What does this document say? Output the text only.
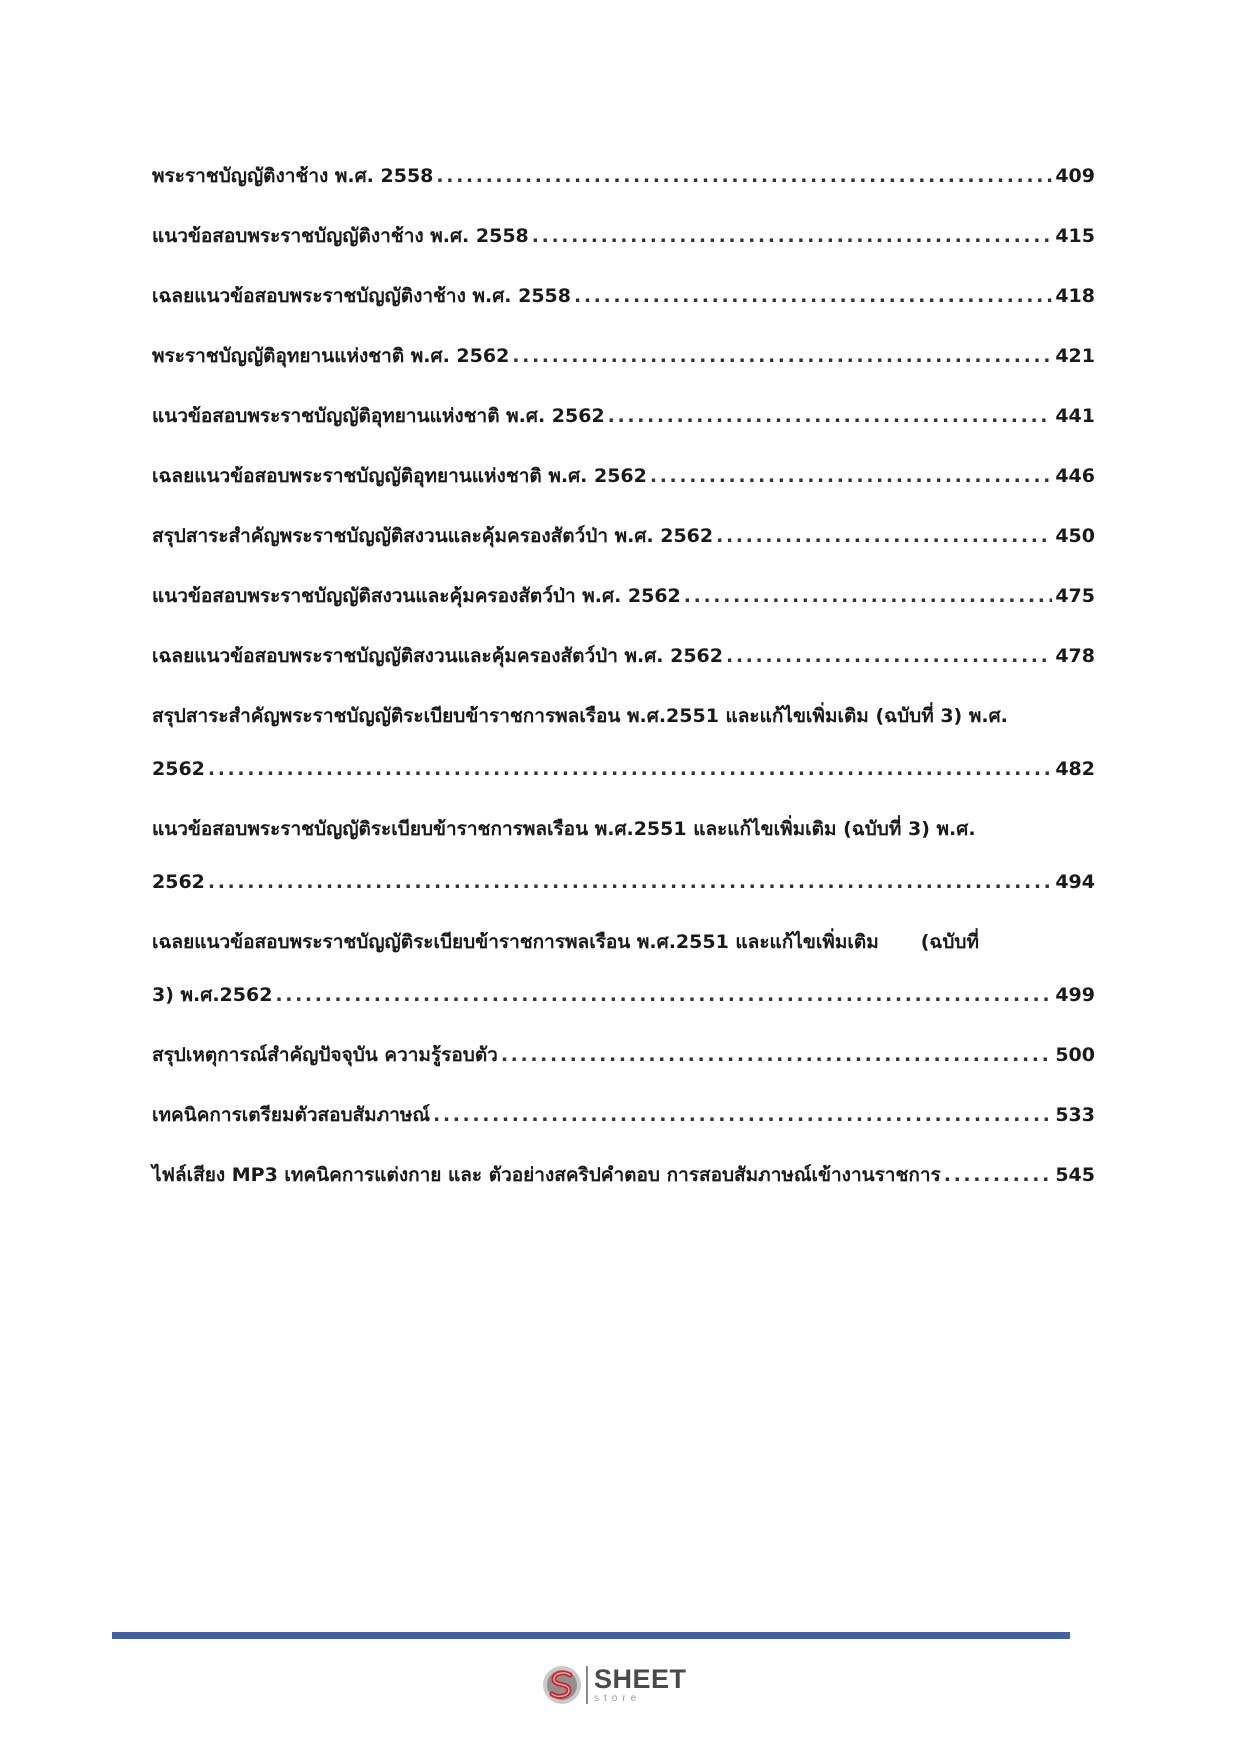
พระราชบัญญัติงาช้าง พ.ศ. 2558 . . .	409

แนวข้อสอบพระราชบัญญัติงาช้าง พ.ศ. 2558 . . .	415

เฉลยแนวข้อสอบพระราชบัญญัติงาช้าง พ.ศ. 2558 . . .	418

พระราชบัญญัติอุทยานแห่งชาติ พ.ศ. 2562 . . .	421

แนวข้อสอบพระราชบัญญัติอุทยานแห่งชาติ พ.ศ. 2562 . . .	441

เฉลยแนวข้อสอบพระราชบัญญัติอุทยานแห่งชาติ พ.ศ. 2562 . . .	446

สรุปสาระสำคัญพระราชบัญญัติสงวนและคุ้มครองสัตว์ป่า พ.ศ. 2562 . . .	450

แนวข้อสอบพระราชบัญญัติสงวนและคุ้มครองสัตว์ป่า พ.ศ. 2562 . . .	475

เฉลยแนวข้อสอบพระราชบัญญัติสงวนและคุ้มครองสัตว์ป่า พ.ศ. 2562 . . .	478

สรุปสาระสำคัญพระราชบัญญัติระเบียบข้าราชการพลเรือน พ.ศ.2551 และแก้ไขเพิ่มเติม (ฉบับที่ 3) พ.ศ.
2562 . . .	482

แนวข้อสอบพระราชบัญญัติระเบียบข้าราชการพลเรือน พ.ศ.2551 และแก้ไขเพิ่มเติม (ฉบับที่ 3) พ.ศ.
2562 . . .	494

เฉลยแนวข้อสอบพระราชบัญญัติระเบียบข้าราชการพลเรือน พ.ศ.2551 และแก้ไขเพิ่มเติม (ฉบับที่
3) พ.ศ.2562 . . .	499

สรุปเหตุการณ์สำคัญปัจจุบัน ความรู้รอบตัว . . .	500

เทคนิคการเตรียมตัวสอบสัมภาษณ์ . . .	533

ไฟล์เสียง MP3 เทคนิคการแต่งกาย และ ตัวอย่างสคริปคำตอบ การสอบสัมภาษณ์เข้างานราชการ . . .	545

SHEET
store
